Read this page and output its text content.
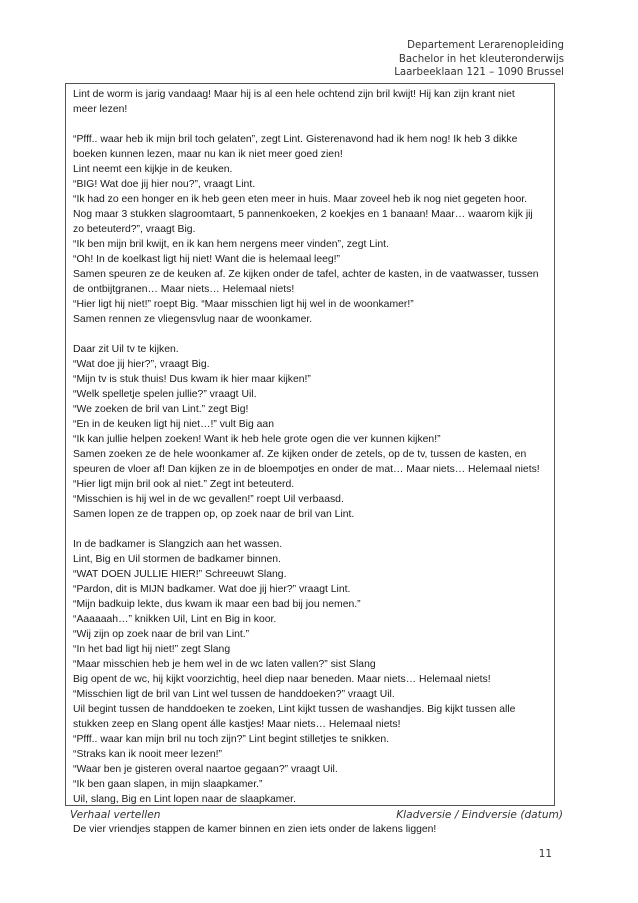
Departement Lerarenopleiding
Bachelor in het kleuteronderwijs
Laarbeeklaan 121 – 1090 Brussel
Lint de worm is jarig vandaag! Maar hij is al een hele ochtend zijn bril kwijt! Hij kan zijn krant niet
meer lezen!
“Pfff.. waar heb ik mijn bril toch gelaten”, zegt Lint. Gisterenavond had ik hem nog! Ik heb 3 dikke
boeken kunnen lezen, maar nu kan ik niet meer goed zien!
Lint neemt een kijkje in de keuken.
“BIG! Wat doe jij hier nou?”, vraagt Lint.
“Ik had zo een honger en ik heb geen eten meer in huis. Maar zoveel heb ik nog niet gegeten hoor.
Nog maar 3 stukken slagroomtaart, 5 pannenkoeken, 2 koekjes en 1 banaan! Maar… waarom kijk jij
zo beteuterd?”, vraagt Big.
“Ik ben mijn bril kwijt, en ik kan hem nergens meer vinden”, zegt Lint.
“Oh! In de koelkast ligt hij niet! Want die is helemaal leeg!”
Samen speuren ze de keuken af. Ze kijken onder de tafel, achter de kasten, in de vaatwasser, tussen
de ontbijtgranen… Maar niets… Helemaal niets!
“Hier ligt hij niet!” roept Big. “Maar misschien ligt hij wel in de woonkamer!”
Samen rennen ze vliegensvlug naar de woonkamer.
Daar zit Uil tv te kijken.
“Wat doe jij hier?”, vraagt Big.
“Mijn tv is stuk thuis! Dus kwam ik hier maar kijken!”
“Welk spelletje spelen jullie?” vraagt Uil.
“We zoeken de bril van Lint.” zegt Big!
“En in de keuken ligt hij niet…!” vult Big aan
“Ik kan jullie helpen zoeken! Want ik heb hele grote ogen die ver kunnen kijken!”
Samen zoeken ze de hele woonkamer af. Ze kijken onder de zetels, op de tv, tussen de kasten, en
speuren de vloer af! Dan kijken ze in de bloempotjes en onder de mat… Maar niets… Helemaal niets!
“Hier ligt mijn bril ook al niet.” Zegt int beteuterd.
“Misschien is hij wel in de wc gevallen!” roept Uil verbaasd.
Samen lopen ze de trappen op, op zoek naar de bril van Lint.
In de badkamer is Slangzich aan het wassen.
Lint, Big en Uil stormen de badkamer binnen.
“WAT DOEN JULLIE HIER!” Schreeuwt Slang.
“Pardon, dit is MIJN badkamer. Wat doe jij hier?” vraagt Lint.
“Mijn badkuip lekte, dus kwam ik maar een bad bij jou nemen.”
“Aaaaaah…” knikken Uil, Lint en Big in koor.
“Wij zijn op zoek naar de bril van Lint.”
“In het bad ligt hij niet!” zegt Slang
“Maar misschien heb je hem wel in de wc laten vallen?” sist Slang
Big opent de wc, hij kijkt voorzichtig, heel diep naar beneden. Maar niets… Helemaal niets!
“Misschien ligt de bril van Lint wel tussen de handdoeken?” vraagt Uil.
Uil begint tussen de handdoeken te zoeken, Lint kijkt tussen de washandjes. Big kijkt tussen alle
stukken zeep en Slang opent álle kastjes! Maar niets… Helemaal niets!
“Pfff.. waar kan mijn bril nu toch zijn?” Lint begint stilletjes te snikken.
“Straks kan ik nooit meer lezen!”
“Waar ben je gisteren overal naartoe gegaan?” vraagt Uil.
“Ik ben gaan slapen, in mijn slaapkamer.”
Uil, slang, Big en Lint lopen naar de slaapkamer.
De vier vriendjes stappen de kamer binnen en zien iets onder de lakens liggen!
Verhaal vertellen	Kladversie / Eindversie (datum)
11
